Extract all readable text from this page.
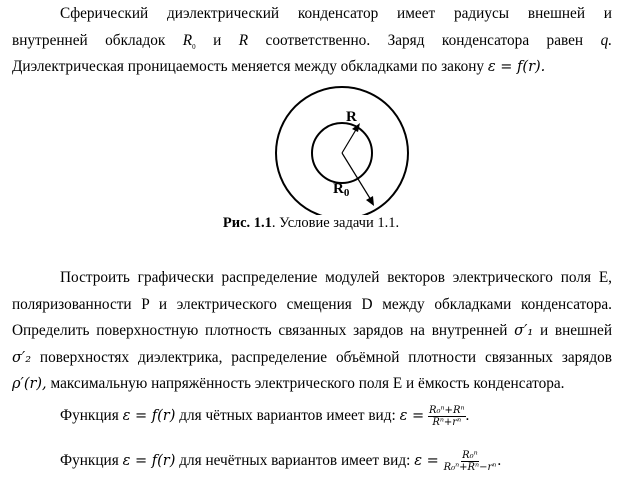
Сферический диэлектрический конденсатор имеет радиусы внешней и
внутренней обкладок $R_0$ и R соответственно. Заряд конденсатора равен q.
Диэлектрическая проницаемость меняется между обкладками по закону ε = f(r).
R
$R_0$
Рис. 1.1. Условие задачи 1.1.
Построить графически распределение модулей векторов электрического поля E,
поляризованности P и электрического смещения D между обкладками конденсатора.
Определить поверхностную плотность связанных зарядов на внутренней σ′₁ и внешней
σ′₂ поверхностях диэлектрика, распределение объёмной плотности связанных зарядов
ρ′(r), максимальную напряжённость электрического поля E и ёмкость конденсатора.
Функция ε = f(r) для чётных вариантов имеет вид: $\varepsilon = \frac{\text{R₀ⁿ+Rⁿ}}{\text{Rⁿ+rⁿ}}$ .
Функция ε = f(r) для нечётных вариантов имеет вид: $\varepsilon = \frac{\text{R₀ⁿ}}{\text{R₀ⁿ+Rⁿ−rⁿ}}$ .
